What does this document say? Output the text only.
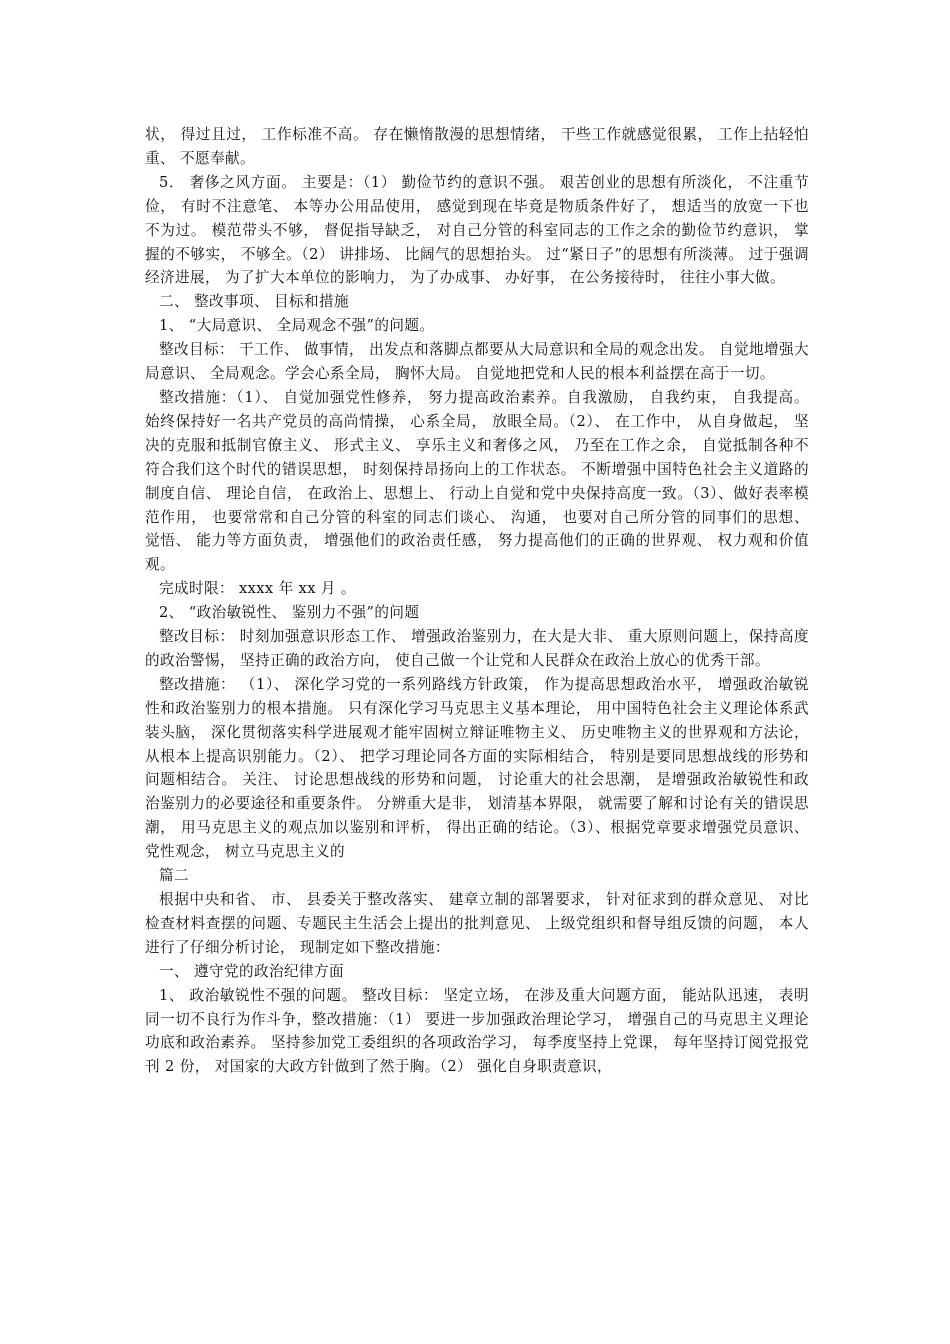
状， 得过且过， 工作标准不高。 存在懒惰散漫的思想情绪， 干些工作就感觉很累， 工作上拈轻怕重、 不愿奉献。

5． 奢侈之风方面。 主要是：（1） 勤俭节约的意识不强。 艰苦创业的思想有所淡化， 不注重节俭， 有时不注意笔、 本等办公用品使用， 感觉到现在毕竟是物质条件好了， 想适当的放宽一下也不为过。 模范带头不够， 督促指导缺乏， 对自己分管的科室同志的工作之余的勤俭节约意识， 掌握的不够实， 不够全。（2） 讲排场、 比阔气的思想抬头。 过“紧日子”的思想有所淡薄。 过于强调经济进展， 为了扩大本单位的影响力， 为了办成事、 办好事， 在公务接待时， 往往小事大做。

二、 整改事项、 目标和措施

1、 “大局意识、 全局观念不强”的问题。

整改目标： 干工作、 做事情， 出发点和落脚点都要从大局意识和全局的观念出发。 自觉地增强大局意识、 全局观念。学会心系全局， 胸怀大局。 自觉地把党和人民的根本利益摆在高于一切。

整改措施：（1）、 自觉加强党性修养， 努力提高政治素养。自我激励， 自我约束， 自我提高。 始终保持好一名共产党员的高尚情操， 心系全局， 放眼全局。（2）、 在工作中， 从自身做起， 坚决的克服和抵制官僚主义、 形式主义、 享乐主义和奢侈之风， 乃至在工作之余， 自觉抵制各种不符合我们这个时代的错误思想， 时刻保持昂扬向上的工作状态。 不断增强中国特色社会主义道路的制度自信、 理论自信， 在政治上、思想上、 行动上自觉和党中央保持高度一致。（3）、做好表率模范作用， 也要常常和自己分管的科室的同志们谈心、 沟通， 也要对自己所分管的同事们的思想、 觉悟、 能力等方面负责， 增强他们的政治责任感， 努力提高他们的正确的世界观、 权力观和价值观。

完成时限： xxxx 年 xx 月 。

2、 “政治敏锐性、 鉴别力不强”的问题

整改目标： 时刻加强意识形态工作、 增强政治鉴别力，在大是大非、 重大原则问题上，保持高度的政治警惕， 坚持正确的政治方向， 使自己做一个让党和人民群众在政治上放心的优秀干部。

整改措施： （1）、 深化学习党的一系列路线方针政策， 作为提高思想政治水平， 增强政治敏锐性和政治鉴别力的根本措施。 只有深化学习马克思主义基本理论， 用中国特色社会主义理论体系武装头脑， 深化贯彻落实科学进展观才能牢固树立辩证唯物主义、 历史唯物主义的世界观和方法论， 从根本上提高识别能力。（2）、 把学习理论同各方面的实际相结合， 特别是要同思想战线的形势和问题相结合。 关注、 讨论思想战线的形势和问题， 讨论重大的社会思潮， 是增强政治敏锐性和政治鉴别力的必要途径和重要条件。 分辨重大是非， 划清基本界限， 就需要了解和讨论有关的错误思潮， 用马克思主义的观点加以鉴别和评析， 得出正确的结论。（3）、根据党章要求增强党员意识、 党性观念， 树立马克思主义的

篇二

根据中央和省、 市、 县委关于整改落实、 建章立制的部署要求， 针对征求到的群众意见、 对比检查材料查摆的问题、专题民主生活会上提出的批判意见、 上级党组织和督导组反馈的问题， 本人进行了仔细分析讨论， 现制定如下整改措施：

一、 遵守党的政治纪律方面

1、 政治敏锐性不强的问题。 整改目标： 坚定立场， 在涉及重大问题方面， 能站队迅速， 表明同一切不良行为作斗争，整改措施：（1） 要进一步加强政治理论学习， 增强自己的马克思主义理论功底和政治素养。 坚持参加党工委组织的各项政治学习， 每季度坚持上党课， 每年坚持订阅党报党刊 2 份， 对国家的大政方针做到了然于胸。（2） 强化自身职责意识，
